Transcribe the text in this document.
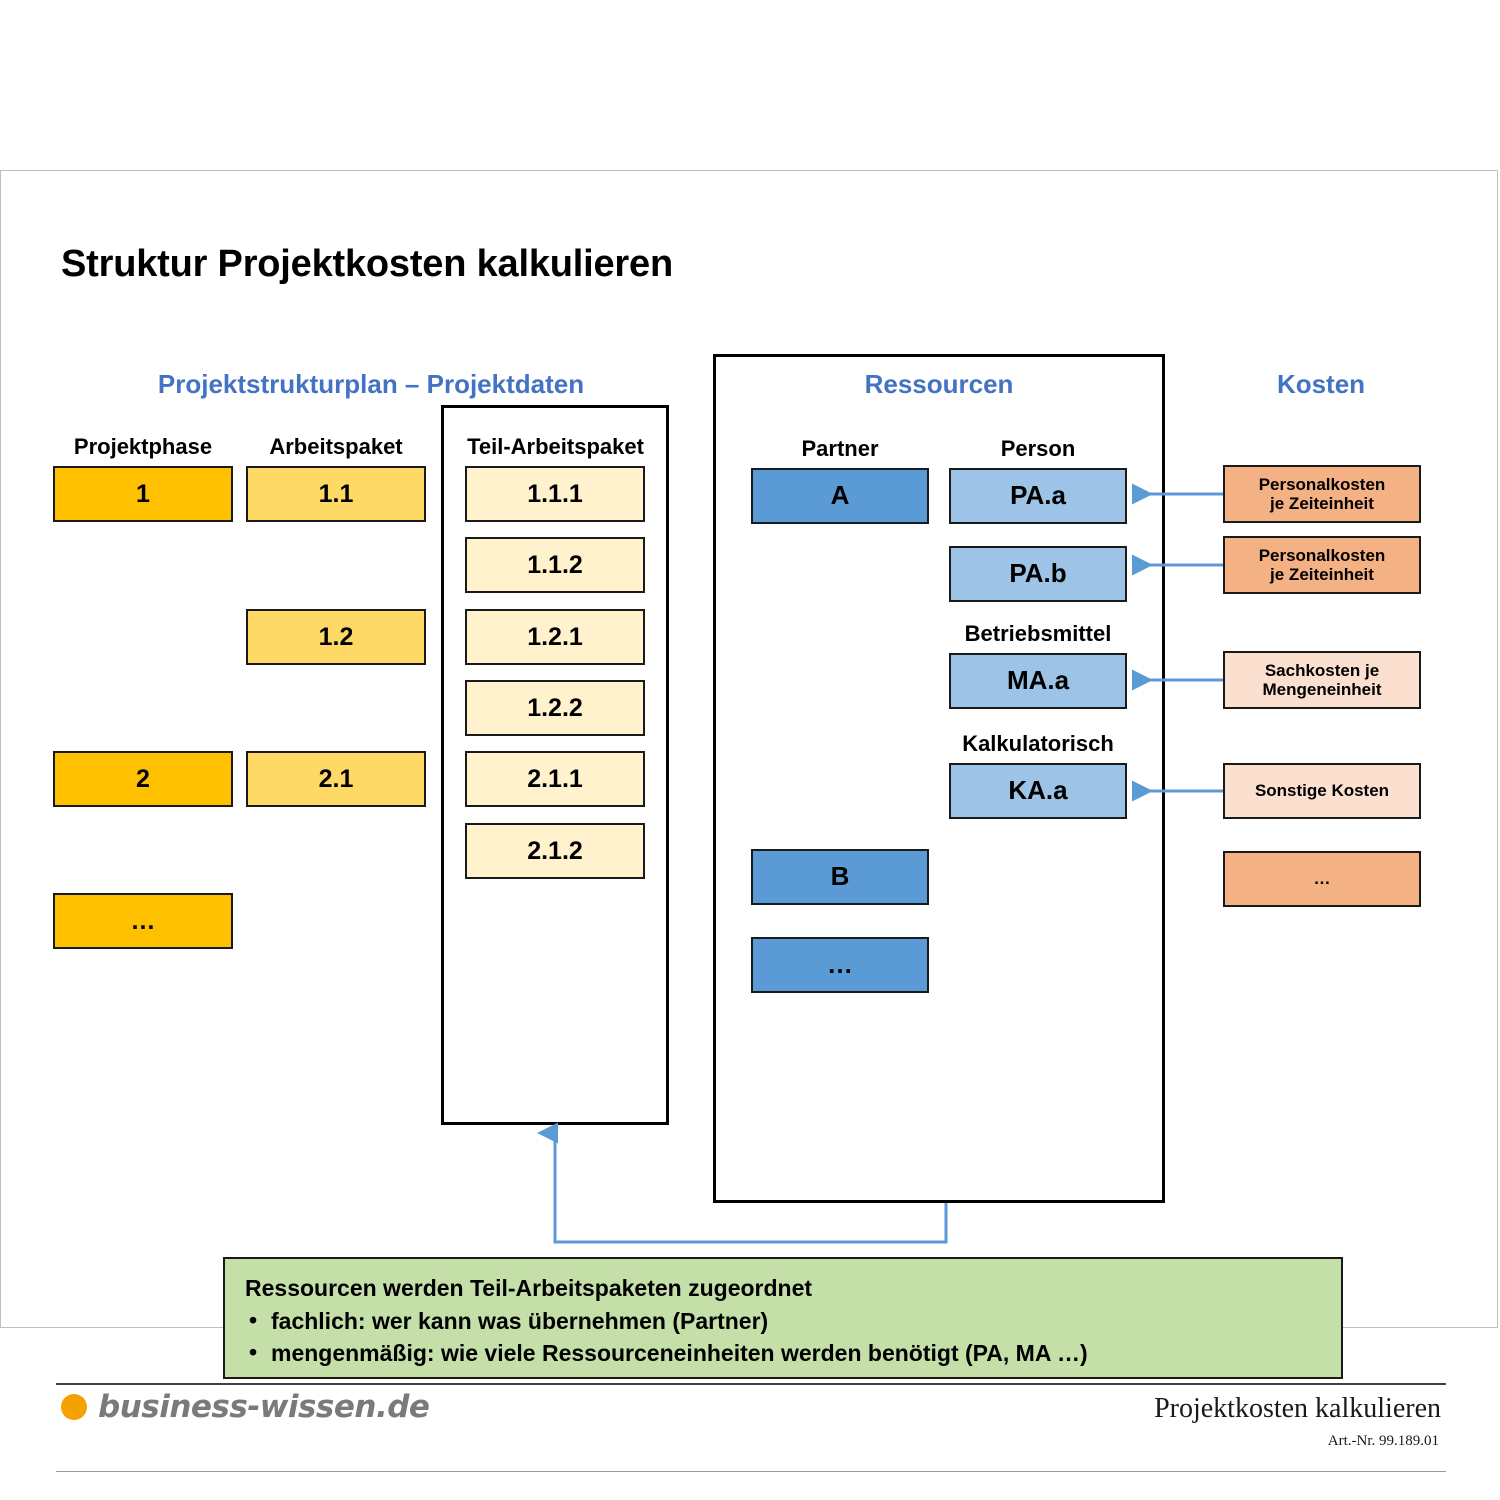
Struktur Projektkosten kalkulieren
Projektstrukturplan – Projektdaten	Ressourcen	Kosten
Projektphase	Arbeitspaket	Teil-Arbeitspaket	Partner	Person
Betriebsmittel
Kalkulatorisch
1
2
…
1.1
1.2
2.1
1.1.1
1.1.2
1.2.1
1.2.2
2.1.1
2.1.2
A
B
…
PA.a
PA.b
MA.a
KA.a
Personalkosten
je Zeiteinheit
Personalkosten
je Zeiteinheit
Sachkosten je
Mengeneinheit
Sonstige Kosten
…
Ressourcen werden Teil-Arbeitspaketen zugeordnet
• fachlich: wer kann was übernehmen (Partner)
• mengenmäßig: wie viele Ressourceneinheiten werden benötigt (PA, MA …)
business-wissen.de	Projektkosten kalkulieren
Art.-Nr. 99.189.01
